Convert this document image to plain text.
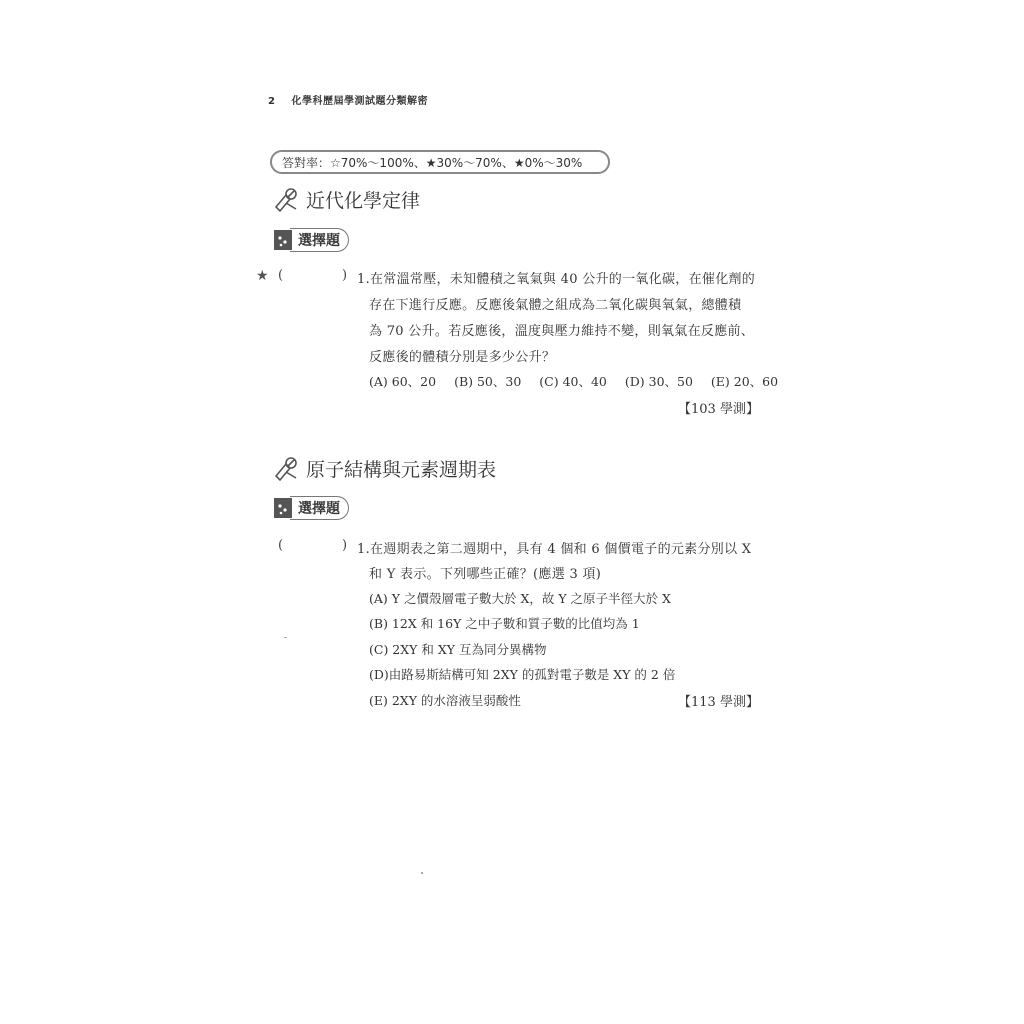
2 化學科歷屆學測試題分類解密
答對率：☆70%～100%、★30%～70%、★0%～30%
近代化學定律
選擇題
★ (	) 1.在常溫常壓，未知體積之氧氣與 40 公升的一氧化碳，在催化劑的
存在下進行反應。反應後氣體之組成為二氧化碳與氧氣，總體積
為 70 公升。若反應後，溫度與壓力維持不變，則氧氣在反應前、
反應後的體積分別是多少公升？
(A) 60、20 (B) 50、30 (C) 40、40 (D) 30、50 (E) 20、60
【103 學測】
原子結構與元素週期表
選擇題
(	) 1.在週期表之第二週期中，具有 4 個和 6 個價電子的元素分別以 X
和 Y 表示。下列哪些正確？(應選 3 項)
(A) Y 之價殼層電子數大於 X，故 Y 之原子半徑大於 X
(B) 12X 和 16Y 之中子數和質子數的比值均為 1
(C) 2XY 和 XY 互為同分異構物
(D)由路易斯結構可知 2XY 的孤對電子數是 XY 的 2 倍
(E) 2XY 的水溶液呈弱酸性	【113 學測】
